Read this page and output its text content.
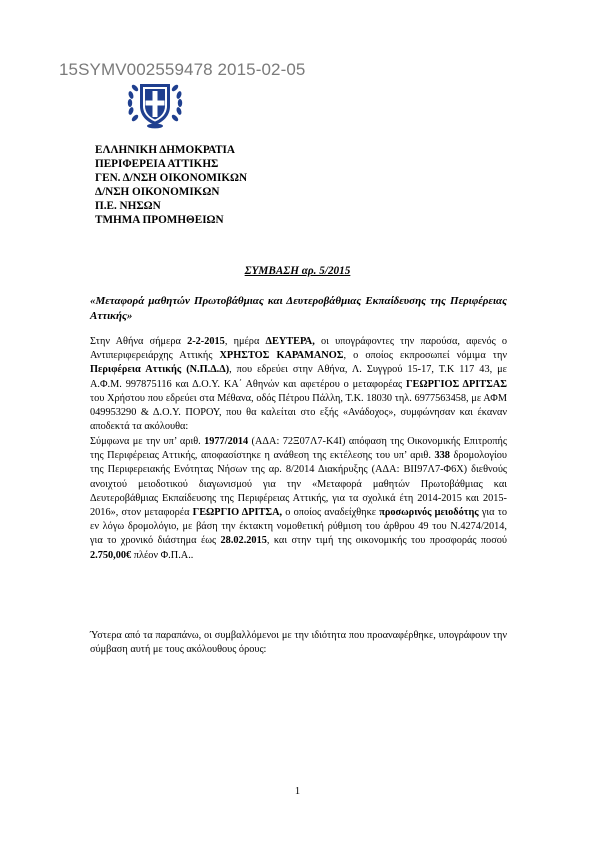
15SYMV002559478 2015-02-05
ΕΛΛΗΝΙΚΗ ΔΗΜΟΚΡΑΤΙΑ
ΠΕΡΙΦΕΡΕΙΑ ΑΤΤΙΚΗΣ
ΓΕΝ. Δ/ΝΣΗ ΟΙΚΟΝΟΜΙΚΩΝ
Δ/ΝΣΗ ΟΙΚΟΝΟΜΙΚΩΝ
Π.Ε. ΝΗΣΩΝ
ΤΜΗΜΑ ΠΡΟΜΗΘΕΙΩΝ
ΣΥΜΒΑΣΗ αρ. 5/2015
«Μεταφορά μαθητών Πρωτοβάθμιας και Δευτεροβάθμιας Εκπαίδευσης της Περιφέρειας Αττικής»
Στην Αθήνα σήμερα 2-2-2015, ημέρα ΔΕΥΤΕΡΑ, οι υπογράφοντες την παρούσα, αφενός ο Αντιπεριφερειάρχης Αττικής ΧΡΗΣΤΟΣ ΚΑΡΑΜΑΝΟΣ, ο οποίος εκπροσωπεί νόμιμα την Περιφέρεια Αττικής (Ν.Π.Δ.Δ), που εδρεύει στην Αθήνα, Λ. Συγγρού 15-17, Τ.Κ 117 43, με Α.Φ.Μ. 997875116 και Δ.Ο.Υ. ΚΑ΄ Αθηνών και αφετέρου ο μεταφορέας ΓΕΩΡΓΙΟΣ ΔΡΙΤΣΑΣ του Χρήστου που εδρεύει στα Μέθανα, οδός Πέτρου Πάλλη, Τ.Κ. 18030 τηλ. 6977563458, με ΑΦΜ 049953290 & Δ.Ο.Υ. ΠΟΡΟΥ, που θα καλείται στο εξής «Ανάδοχος», συμφώνησαν και έκαναν αποδεκτά τα ακόλουθα:
Σύμφωνα με την υπ’ αριθ. 1977/2014 (ΑΔΑ: 72Ξ07Λ7-Κ4Ι) απόφαση της Οικονομικής Επιτροπής της Περιφέρειας Αττικής, αποφασίστηκε η ανάθεση της εκτέλεσης του υπ’ αριθ. 338 δρομολογίου της Περιφερειακής Ενότητας Νήσων της αρ. 8/2014 Διακήρυξης (ΑΔΑ: ΒΙΙ97Λ7-Φ6Χ) διεθνούς ανοιχτού μειοδοτικού διαγωνισμού για την «Μεταφορά μαθητών Πρωτοβάθμιας και Δευτεροβάθμιας Εκπαίδευσης της Περιφέρειας Αττικής, για τα σχολικά έτη 2014-2015 και 2015-2016», στον μεταφορέα ΓΕΩΡΓΙΟ ΔΡΙΤΣΑ, ο οποίος αναδείχθηκε προσωρινός μειοδότης για το εν λόγω δρομολόγιο, με βάση την έκτακτη νομοθετική ρύθμιση του άρθρου 49 του Ν.4274/2014, για το χρονικό διάστημα έως 28.02.2015, και στην τιμή της οικονομικής του προσφοράς ποσού 2.750,00€ πλέον Φ.Π.Α..
Ύστερα από τα παραπάνω, οι συμβαλλόμενοι με την ιδιότητα που προαναφέρθηκε, υπογράφουν την σύμβαση αυτή με τους ακόλουθους όρους:
1
